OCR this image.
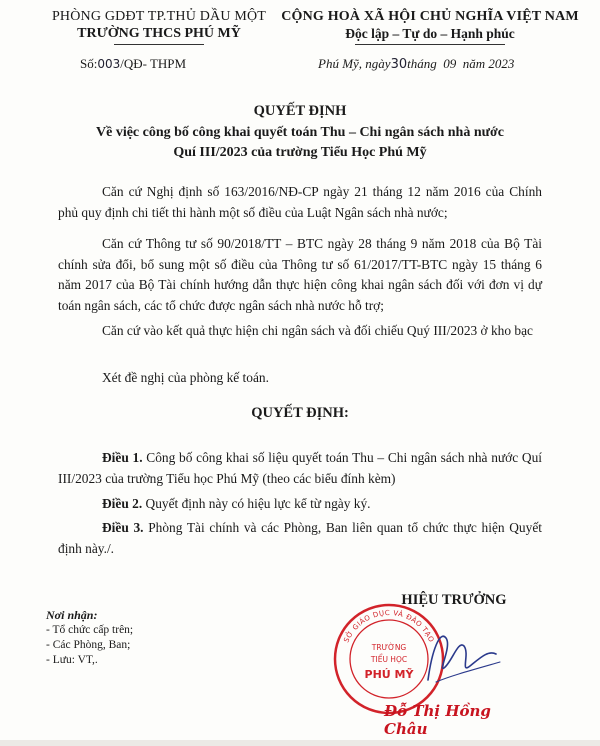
PHÒNG GDĐT TP.THỦ DẦU MỘT
TRƯỜNG THCS PHÚ MỸ
CỘNG HOÀ XÃ HỘI CHỦ NGHĨA VIỆT NAM
Độc lập – Tự do – Hạnh phúc
Số:003/QĐ- THPM	Phú Mỹ, ngày30tháng 09 năm 2023
QUYẾT ĐỊNH
Về việc công bố công khai quyết toán Thu – Chi ngân sách nhà nước
Quí III/2023 của trường Tiểu Học Phú Mỹ
Căn cứ Nghị định số 163/2016/NĐ-CP ngày 21 tháng 12 năm 2016 của Chính phủ quy định chi tiết thi hành một số điều của Luật Ngân sách nhà nước;
Căn cứ Thông tư số 90/2018/TT – BTC ngày 28 tháng 9 năm 2018 của Bộ Tài chính sửa đổi, bổ sung một số điều của Thông tư số 61/2017/TT-BTC ngày 15 tháng 6 năm 2017 của Bộ Tài chính hướng dẫn thực hiện công khai ngân sách đối với đơn vị dự toán ngân sách, các tổ chức được ngân sách nhà nước hỗ trợ;
Căn cứ vào kết quả thực hiện chi ngân sách và đối chiếu Quý III/2023 ở kho bạc
Xét đề nghị của phòng kế toán.
QUYẾT ĐỊNH:
Điều 1. Công bố công khai số liệu quyết toán Thu – Chi ngân sách nhà nước Quí III/2023 của trường Tiểu học Phú Mỹ (theo các biểu đính kèm)
Điều 2. Quyết định này có hiệu lực kể từ ngày ký.
Điều 3. Phòng Tài chính và các Phòng, Ban liên quan tổ chức thực hiện Quyết định này./.
Nơi nhận:
- Tổ chức cấp trên;
- Các Phòng, Ban;
- Lưu: VT,.
HIỆU TRƯỞNG
SỞ GIÁO DỤC VÀ ĐÀO TẠO
TRƯỜNG
TIỂU HỌC
PHÚ MỸ
Đỗ Thị Hồng Châu
